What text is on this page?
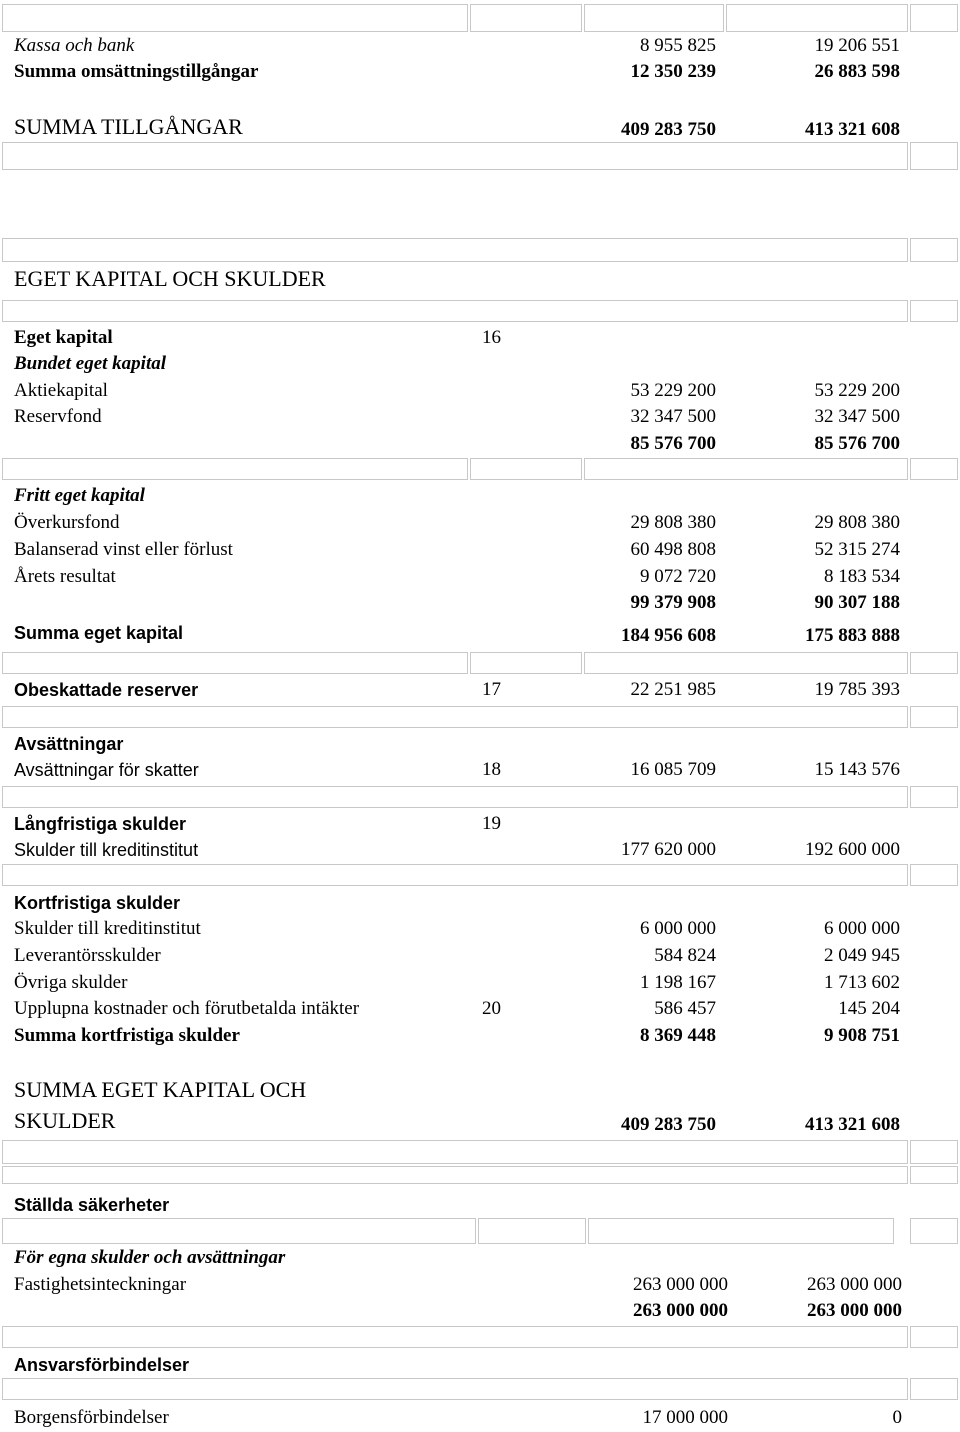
Kassa och bank	8 955 825	19 206 551
Summa omsättningstillgångar	12 350 239	26 883 598
SUMMA TILLGÅNGAR	409 283 750	413 321 608
EGET KAPITAL OCH SKULDER
Eget kapital	16
Bundet eget kapital
Aktiekapital	53 229 200	53 229 200
Reservfond	32 347 500	32 347 500
85 576 700	85 576 700
Fritt eget kapital
Överkursfond	29 808 380	29 808 380
Balanserad vinst eller förlust	60 498 808	52 315 274
Årets resultat	9 072 720	8 183 534
99 379 908	90 307 188
Summa eget kapital	184 956 608	175 883 888
Obeskattade reserver	17	22 251 985	19 785 393
Avsättningar
Avsättningar för skatter	18	16 085 709	15 143 576
Långfristiga skulder	19
Skulder till kreditinstitut	177 620 000	192 600 000
Kortfristiga skulder
Skulder till kreditinstitut	6 000 000	6 000 000
Leverantörsskulder	584 824	2 049 945
Övriga skulder	1 198 167	1 713 602
Upplupna kostnader och förutbetalda intäkter	20	586 457	145 204
Summa kortfristiga skulder	8 369 448	9 908 751
SUMMA EGET KAPITAL OCH
SKULDER	409 283 750	413 321 608
Ställda säkerheter
För egna skulder och avsättningar
Fastighetsinteckningar	263 000 000	263 000 000
263 000 000	263 000 000
Ansvarsförbindelser
Borgensförbindelser	17 000 000	0
